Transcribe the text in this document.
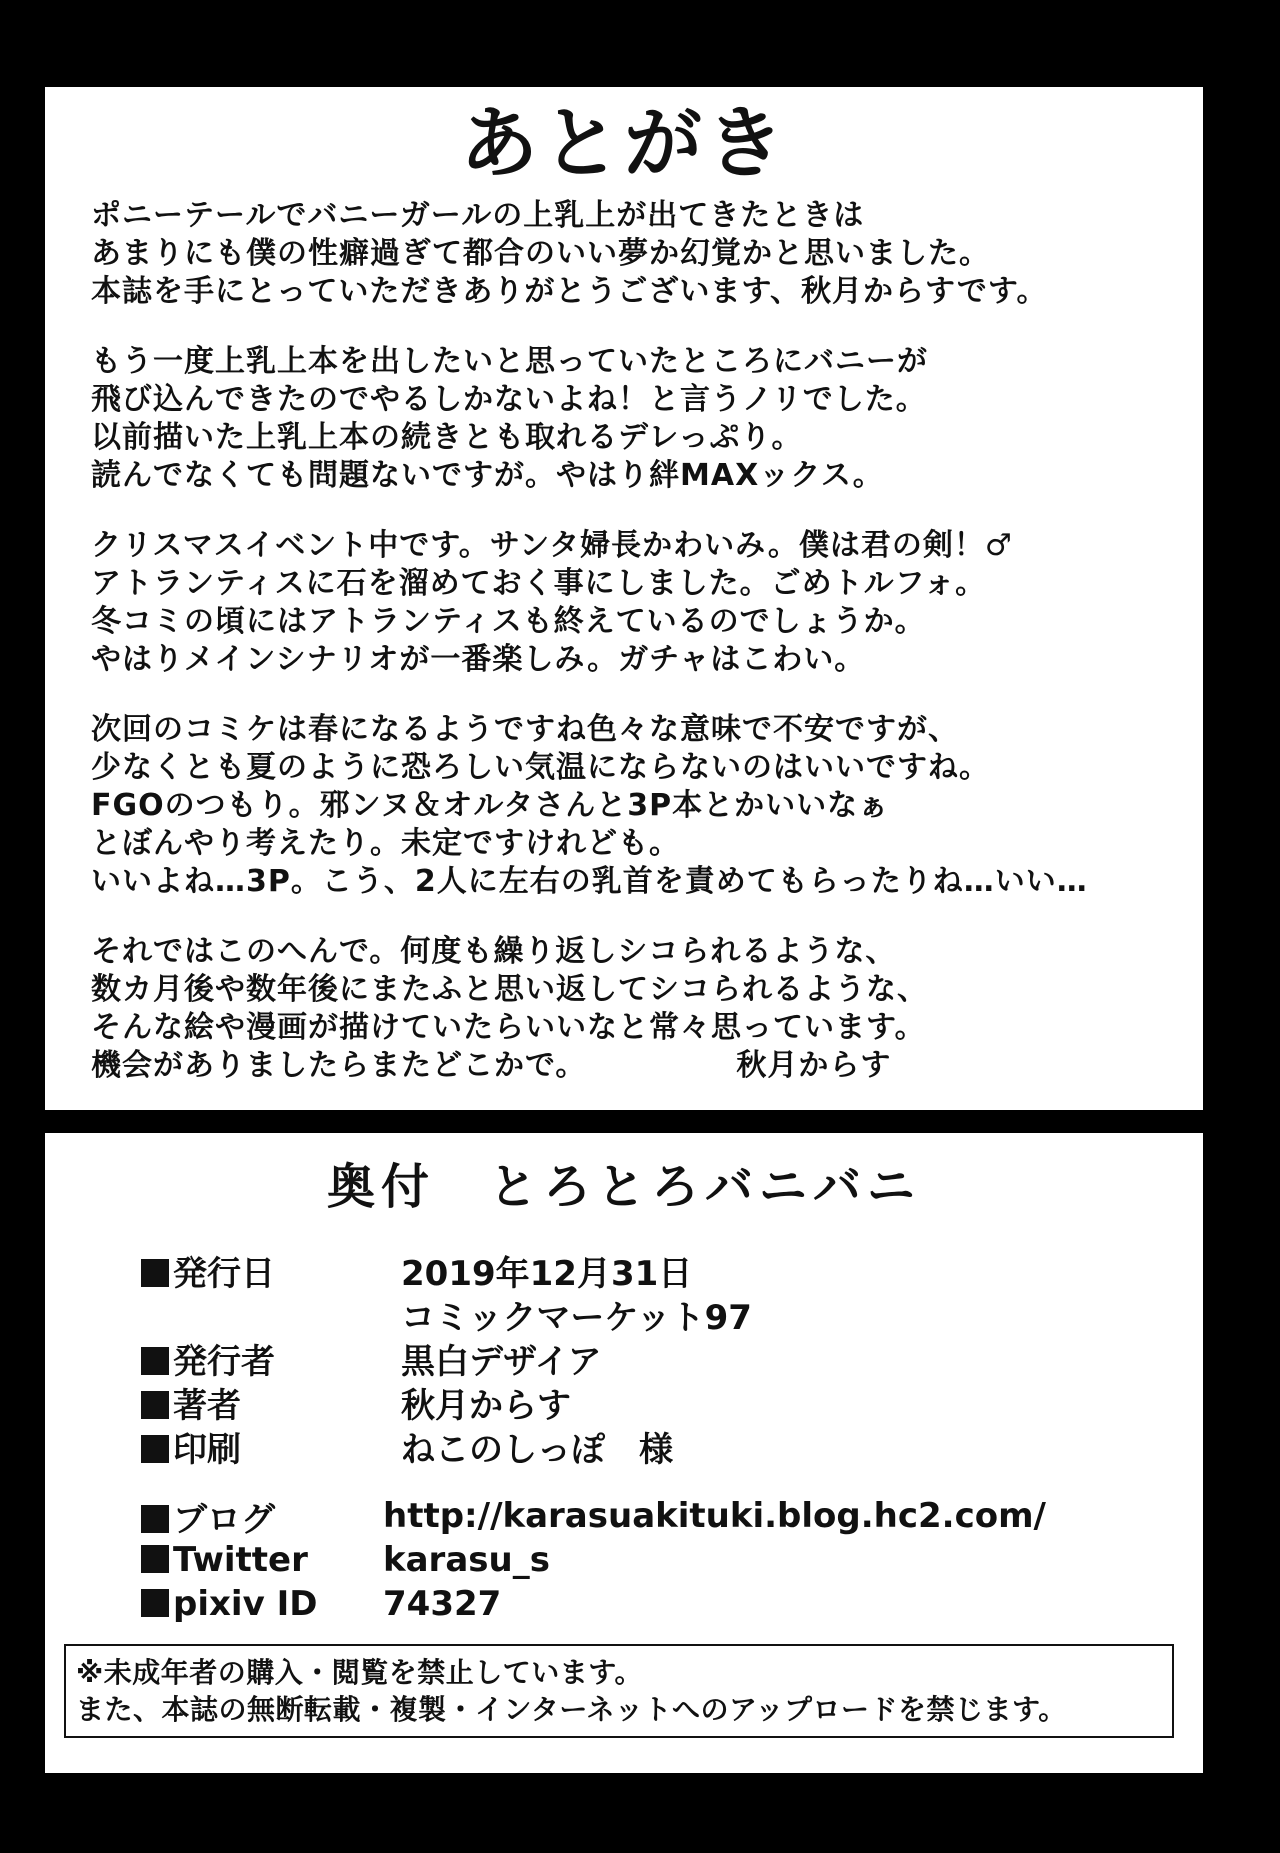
あとがき
ポニーテールでバニーガールの上乳上が出てきたときは
あまりにも僕の性癖過ぎて都合のいい夢か幻覚かと思いました。
本誌を手にとっていただきありがとうございます、秋月からすです。
もう一度上乳上本を出したいと思っていたところにバニーが
飛び込んできたのでやるしかないよね！と言うノリでした。
以前描いた上乳上本の続きとも取れるデレっぷり。
読んでなくても問題ないですが。やはり絆MAXックス。
クリスマスイベント中です。サンタ婦長かわいみ。僕は君の剣！♂
アトランティスに石を溜めておく事にしました。ごめトルフォ。
冬コミの頃にはアトランティスも終えているのでしょうか。
やはりメインシナリオが一番楽しみ。ガチャはこわい。
次回のコミケは春になるようですね色々な意味で不安ですが、
少なくとも夏のように恐ろしい気温にならないのはいいですね。
FGOのつもり。邪ンヌ＆オルタさんと3P本とかいいなぁ
とぼんやり考えたり。未定ですけれども。
いいよね…3P。こう、2人に左右の乳首を責めてもらったりね…いい…
それではこのへんで。何度も繰り返しシコられるような、
数カ月後や数年後にまたふと思い返してシコられるような、
そんな絵や漫画が描けていたらいいなと常々思っています。
機会がありましたらまたどこかで。	秋月からす
奥付　とろとろバニバニ
発行日	2019年12月31日
コミックマーケット97
発行者	黒白デザイア
著者	秋月からす
印刷	ねこのしっぽ　様
ブログ	http://karasuakituki.blog.hc2.com/
Twitter	karasu_s
pixiv ID	74327
※未成年者の購入・閲覧を禁止しています。
また、本誌の無断転載・複製・インターネットへのアップロードを禁じます。
